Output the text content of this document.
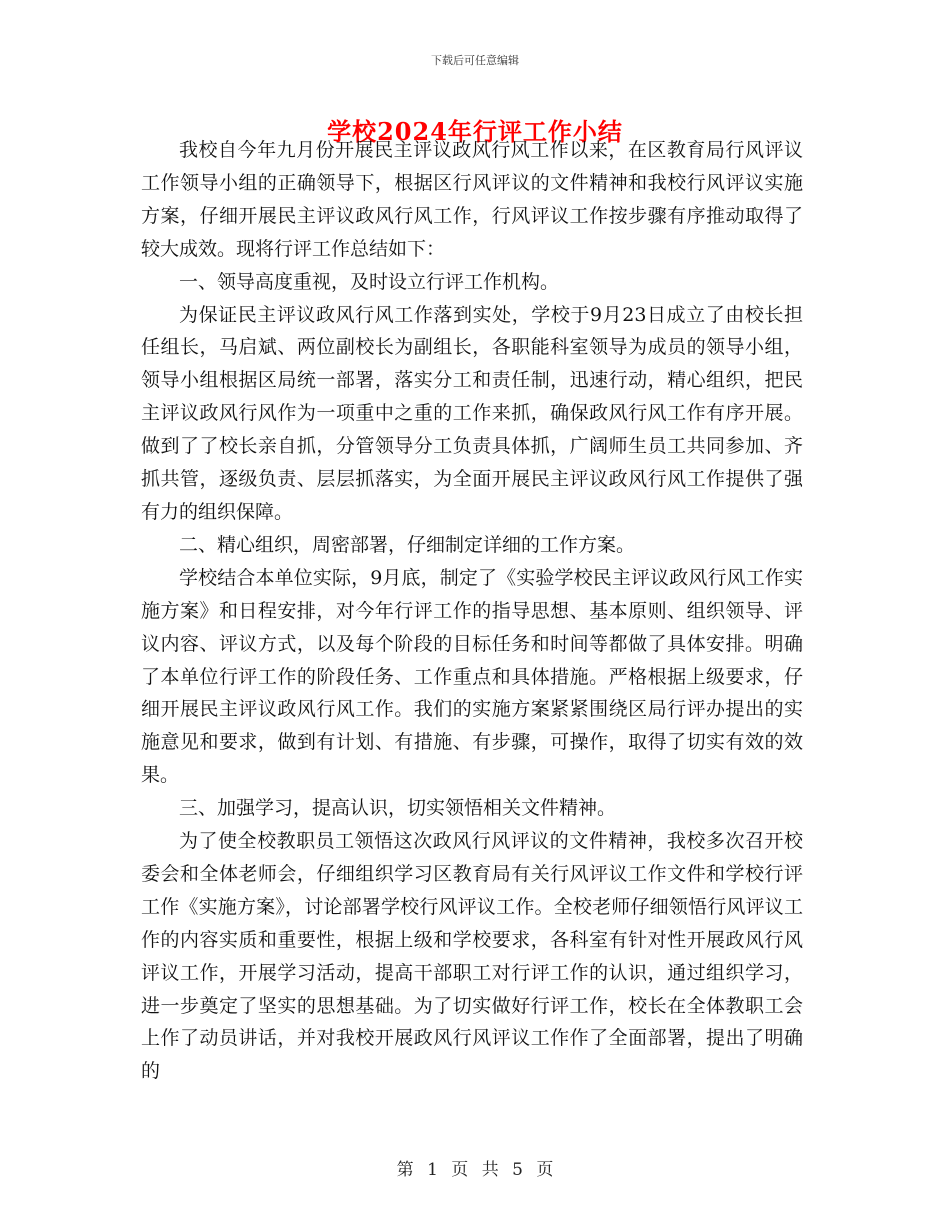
下载后可任意编辑
学校2024年行评工作小结

我校自今年九月份开展民主评议政风行风工作以来，在区教育局行风评议工作领导小组的正确领导下，根据区行风评议的文件精神和我校行风评议实施方案，仔细开展民主评议政风行风工作，行风评议工作按步骤有序推动取得了较大成效。现将行评工作总结如下：

一、领导高度重视，及时设立行评工作机构。

为保证民主评议政风行风工作落到实处，学校于9月23日成立了由校长担任组长，马启斌、两位副校长为副组长，各职能科室领导为成员的领导小组，领导小组根据区局统一部署，落实分工和责任制，迅速行动，精心组织，把民主评议政风行风作为一项重中之重的工作来抓，确保政风行风工作有序开展。做到了了校长亲自抓，分管领导分工负责具体抓，广阔师生员工共同参加、齐抓共管，逐级负责、层层抓落实，为全面开展民主评议政风行风工作提供了强有力的组织保障。

二、精心组织，周密部署，仔细制定详细的工作方案。

学校结合本单位实际，9月底，制定了《实验学校民主评议政风行风工作实施方案》和日程安排，对今年行评工作的指导思想、基本原则、组织领导、评议内容、评议方式，以及每个阶段的目标任务和时间等都做了具体安排。明确了本单位行评工作的阶段任务、工作重点和具体措施。严格根据上级要求，仔细开展民主评议政风行风工作。我们的实施方案紧紧围绕区局行评办提出的实施意见和要求，做到有计划、有措施、有步骤，可操作，取得了切实有效的效果。

三、加强学习，提高认识，切实领悟相关文件精神。

为了使全校教职员工领悟这次政风行风评议的文件精神，我校多次召开校委会和全体老师会，仔细组织学习区教育局有关行风评议工作文件和学校行评工作《实施方案》，讨论部署学校行风评议工作。全校老师仔细领悟行风评议工作的内容实质和重要性，根据上级和学校要求，各科室有针对性开展政风行风评议工作，开展学习活动，提高干部职工对行评工作的认识，通过组织学习，进一步奠定了坚实的思想基础。为了切实做好行评工作，校长在全体教职工会上作了动员讲话，并对我校开展政风行风评议工作作了全面部署，提出了明确的

第 1 页 共 5 页
